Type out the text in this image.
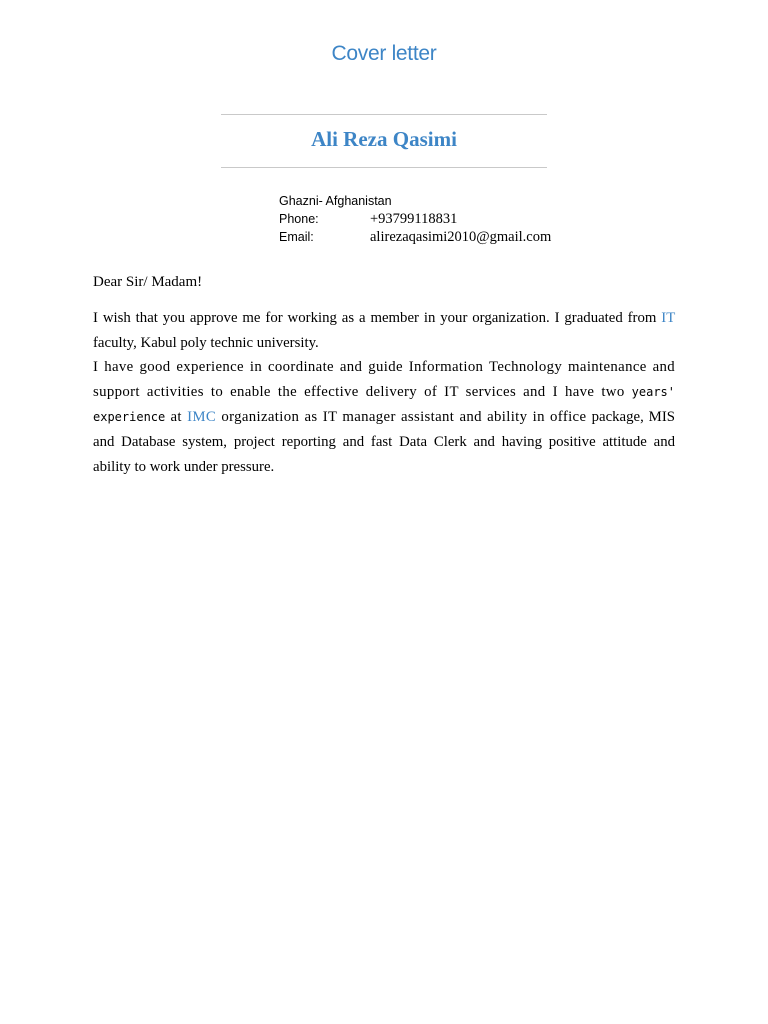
Cover letter
Ali Reza Qasimi
Ghazni- Afghanistan
Phone:	+93799118831
Email:	alirezaqasimi2010@gmail.com
Dear Sir/ Madam!
I wish that you approve me for working as a member in your organization. I graduated from IT faculty, Kabul poly technic university.
I have good experience in coordinate and guide Information Technology maintenance and support activities to enable the effective delivery of IT services and I have two years' experience at IMC organization as IT manager assistant and ability in office package, MIS and Database system, project reporting and fast Data Clerk and having positive attitude and ability to work under pressure.
